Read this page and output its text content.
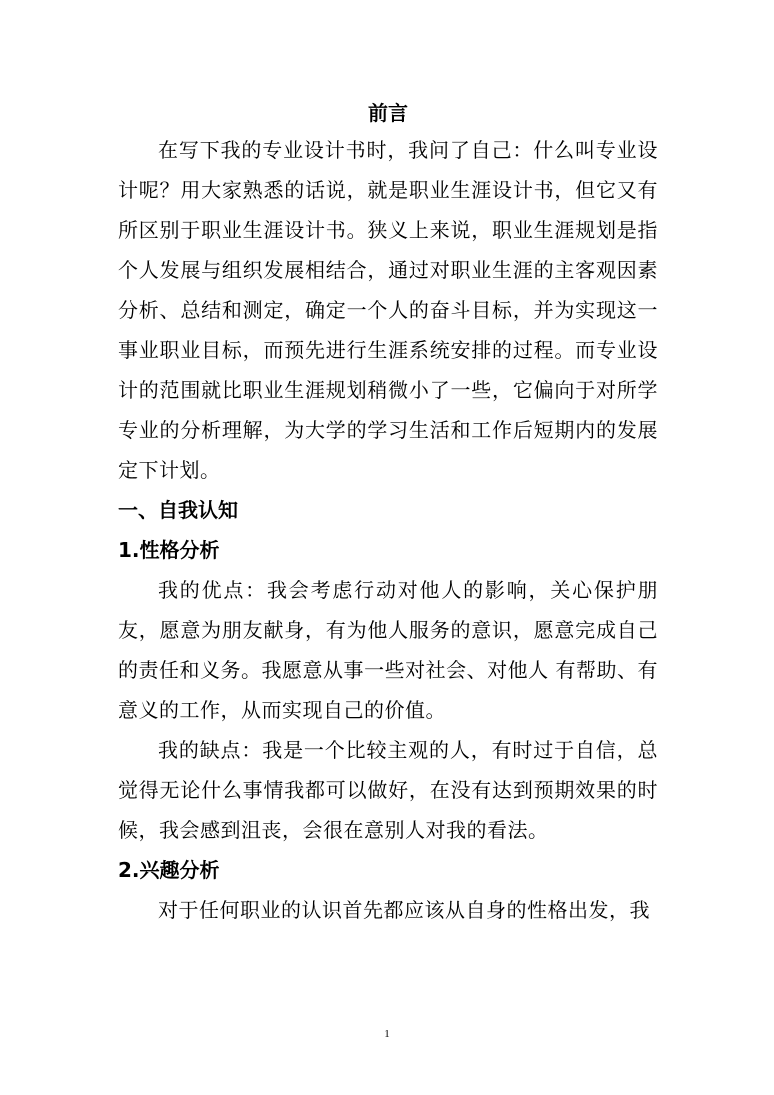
前言

在写下我的专业设计书时，我问了自己：什么叫专业设计呢？用大家熟悉的话说，就是职业生涯设计书，但它又有所区别于职业生涯设计书。狭义上来说，职业生涯规划是指个人发展与组织发展相结合，通过对职业生涯的主客观因素分析、总结和测定，确定一个人的奋斗目标，并为实现这一事业职业目标，而预先进行生涯系统安排的过程。而专业设计的范围就比职业生涯规划稍微小了一些，它偏向于对所学专业的分析理解，为大学的学习生活和工作后短期内的发展定下计划。

一、自我认知
1.性格分析

我的优点：我会考虑行动对他人的影响，关心保护朋友，愿意为朋友献身，有为他人服务的意识，愿意完成自己的责任和义务。我愿意从事一些对社会、对他人 有帮助、有意义的工作，从而实现自己的价值。

我的缺点：我是一个比较主观的人，有时过于自信，总觉得无论什么事情我都可以做好，在没有达到预期效果的时候，我会感到沮丧，会很在意别人对我的看法。

2.兴趣分析

对于任何职业的认识首先都应该从自身的性格出发，我

1
